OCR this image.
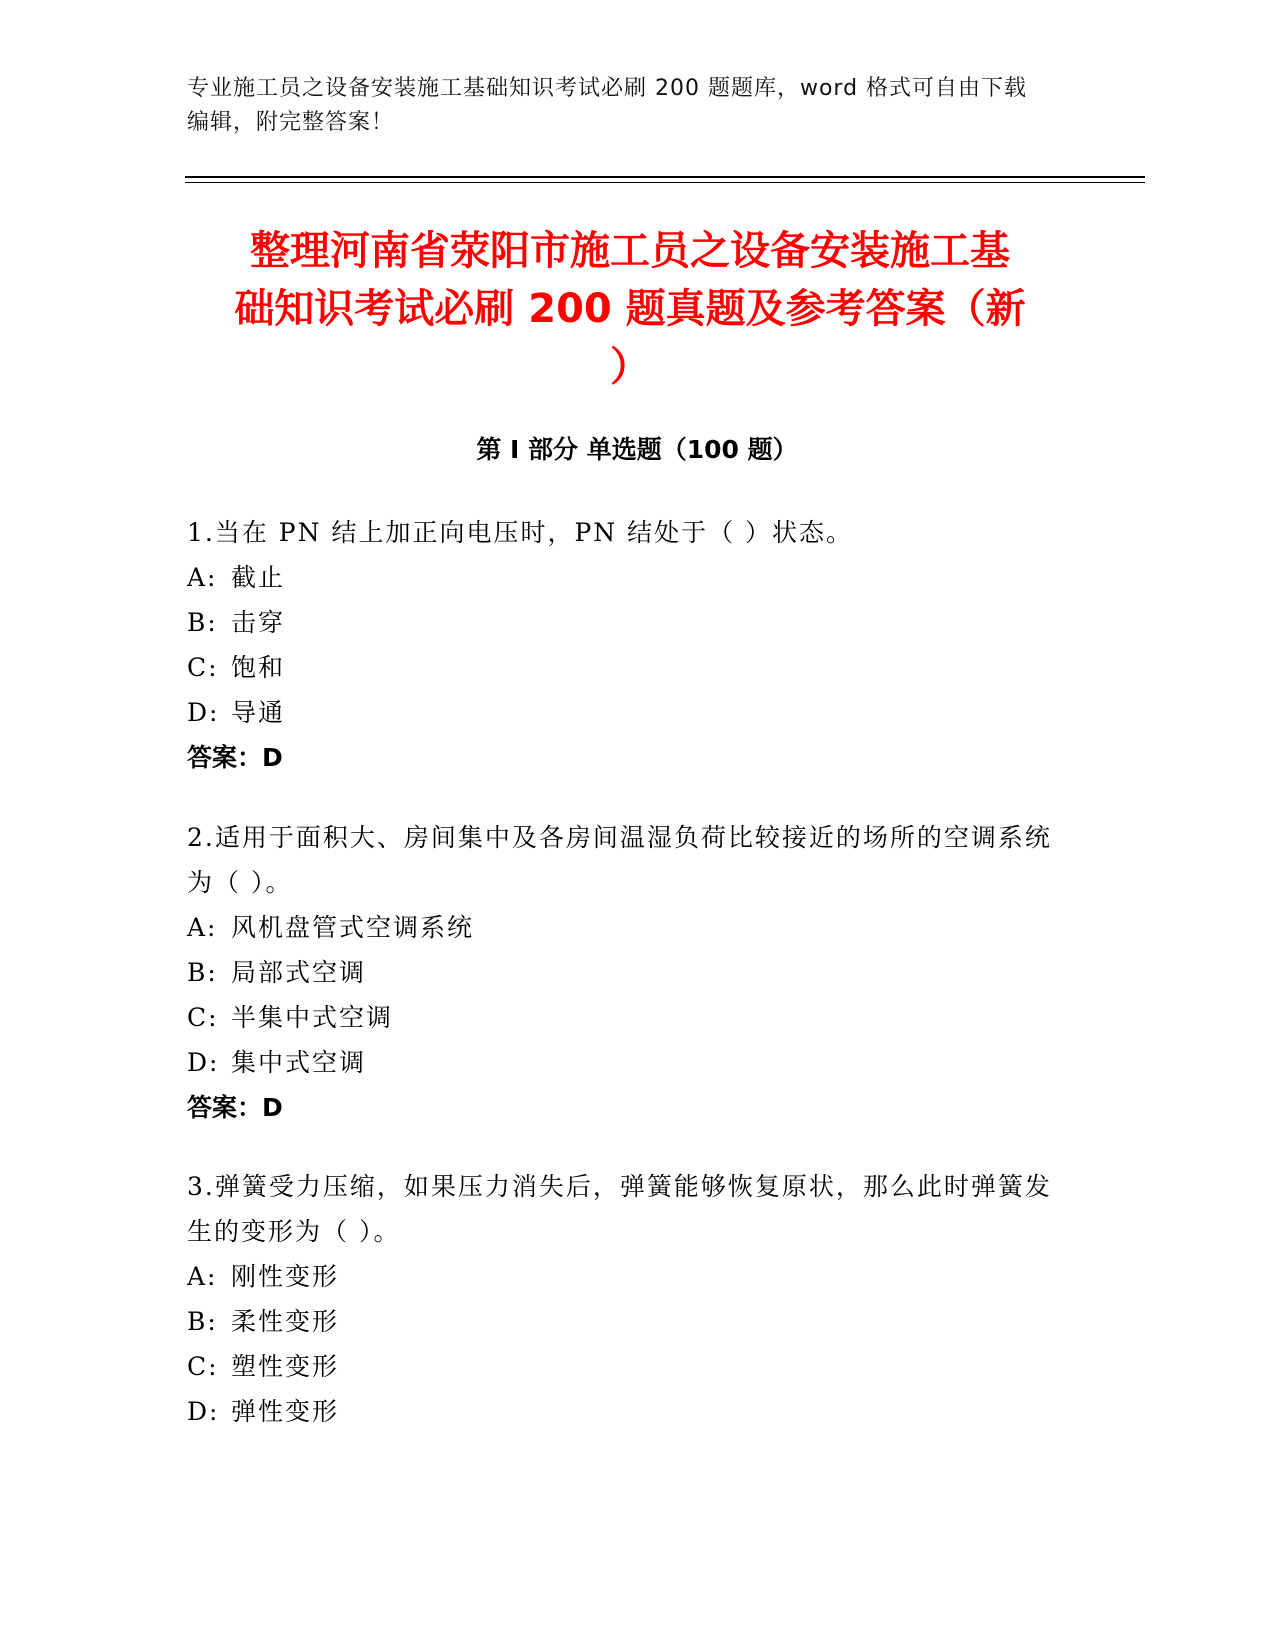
专业施工员之设备安装施工基础知识考试必刷 200 题题库，word 格式可自由下载
编辑，附完整答案！
整理河南省荥阳市施工员之设备安装施工基
础知识考试必刷 200 题真题及参考答案（新
）
第 I 部分 单选题（100 题）
1.当在 PN 结上加正向电压时，PN 结处于（ ）状态。
A: 截止
B: 击穿
C: 饱和
D: 导通
答案：D
2.适用于面积大、房间集中及各房间温湿负荷比较接近的场所的空调系统为（ ）。
A: 风机盘管式空调系统
B: 局部式空调
C: 半集中式空调
D: 集中式空调
答案：D
3.弹簧受力压缩，如果压力消失后，弹簧能够恢复原状，那么此时弹簧发生的变形为（ ）。
A: 刚性变形
B: 柔性变形
C: 塑性变形
D: 弹性变形
